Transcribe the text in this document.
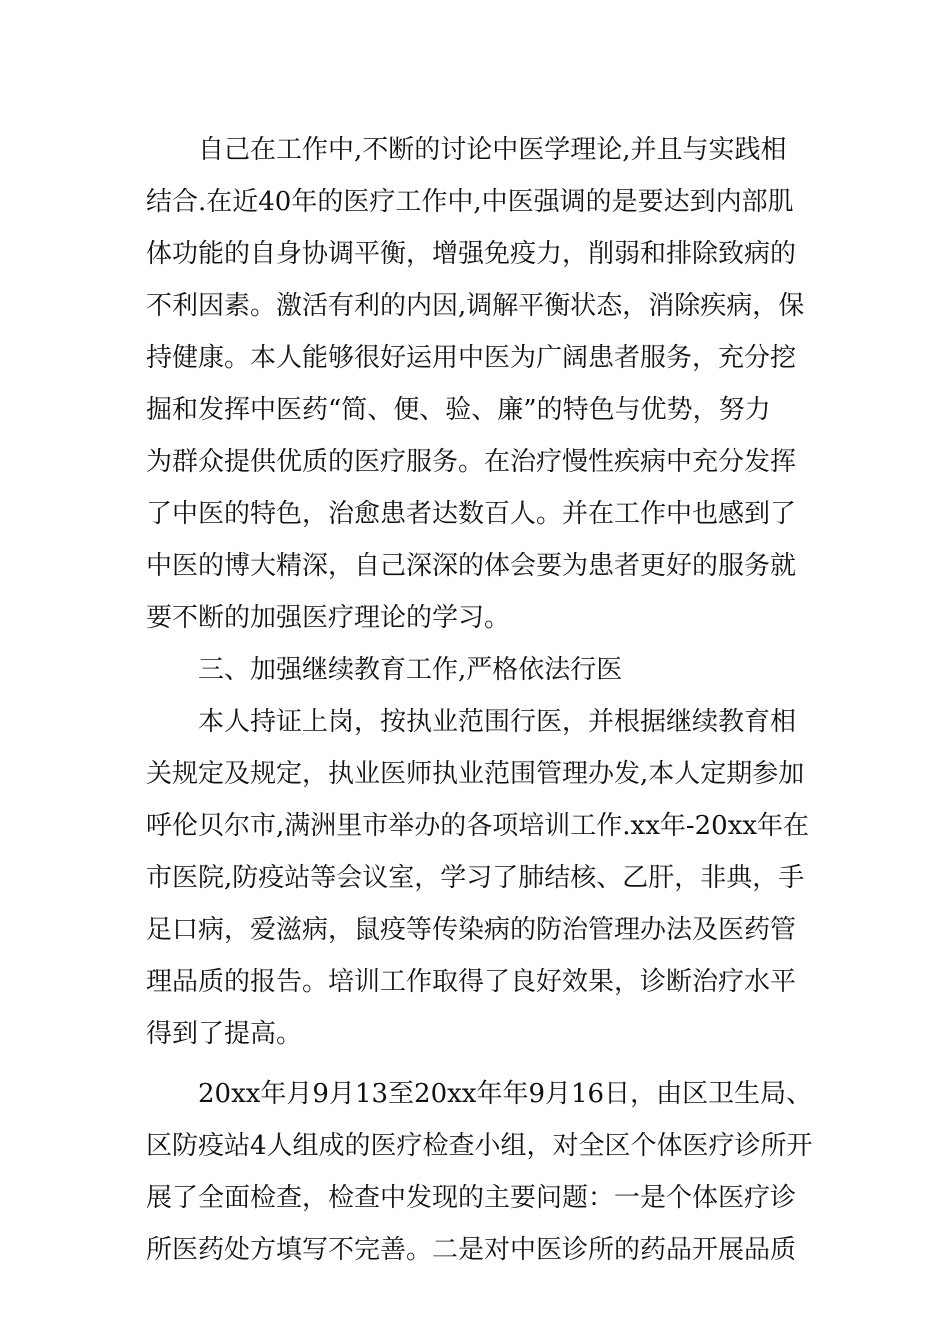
自己在工作中,不断的讨论中医学理论,并且与实践相
结合.在近40年的医疗工作中,中医强调的是要达到内部肌
体功能的自身协调平衡，增强免疫力，削弱和排除致病的
不利因素。激活有利的内因,调解平衡状态，消除疾病，保
持健康。本人能够很好运用中医为广阔患者服务，充分挖
掘和发挥中医药“简、便、验、廉”的特色与优势，努力
为群众提供优质的医疗服务。在治疗慢性疾病中充分发挥
了中医的特色，治愈患者达数百人。并在工作中也感到了
中医的博大精深，自己深深的体会要为患者更好的服务就
要不断的加强医疗理论的学习。
三、加强继续教育工作,严格依法行医
本人持证上岗，按执业范围行医，并根据继续教育相
关规定及规定，执业医师执业范围管理办发,本人定期参加
呼伦贝尔市,满洲里市举办的各项培训工作.xx年-20xx年在
市医院,防疫站等会议室，学习了肺结核、乙肝，非典，手
足口病，爱滋病，鼠疫等传染病的防治管理办法及医药管
理品质的报告。培训工作取得了良好效果，诊断治疗水平
得到了提高。
20xx年月9月13至20xx年年9月16日，由区卫生局、
区防疫站4人组成的医疗检查小组，对全区个体医疗诊所开
展了全面检查，检查中发现的主要问题：一是个体医疗诊
所医药处方填写不完善。二是对中医诊所的药品开展品质
